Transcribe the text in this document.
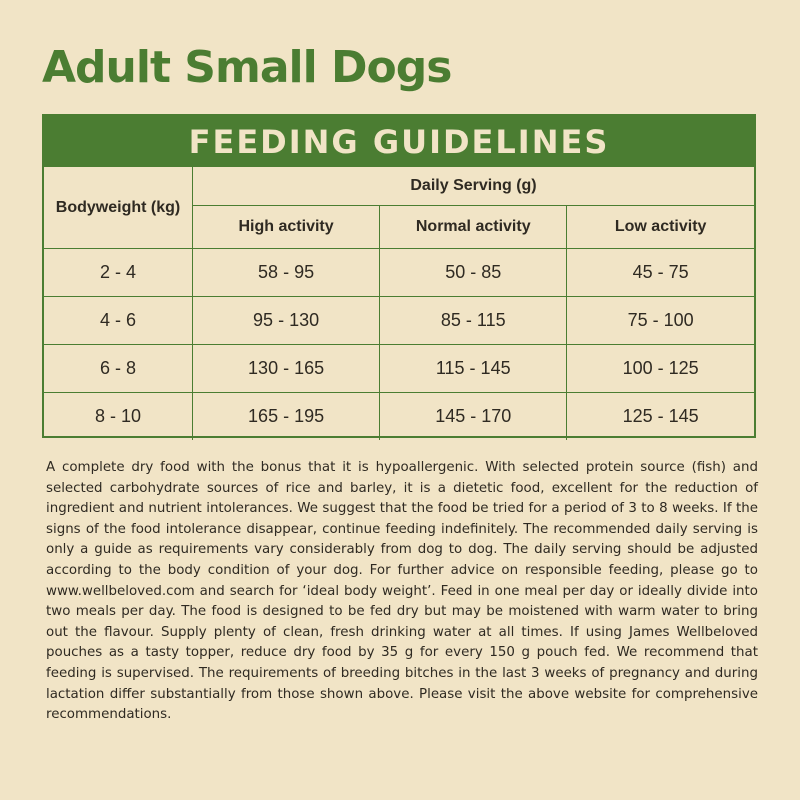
Adult Small Dogs
FEEDING GUIDELINES
Bodyweight (kg)	Daily Serving (g)		
	High activity	Normal activity	Low activity
2 - 4	58 - 95	50 - 85	45 - 75
4 - 6	95 - 130	85 - 115	75 - 100
6 - 8	130 - 165	115 - 145	100 - 125
8 - 10	165 - 195	145 - 170	125 - 145

A complete dry food with the bonus that it is hypoallergenic. With selected protein source (fish) and selected carbohydrate sources of rice and barley, it is a dietetic food, excellent for the reduction of ingredient and nutrient intolerances. We suggest that the food be tried for a period of 3 to 8 weeks. If the signs of the food intolerance disappear, continue feeding indefinitely. The recommended daily serving is only a guide as requirements vary considerably from dog to dog. The daily serving should be adjusted according to the body condition of your dog. For further advice on responsible feeding, please go to www.wellbeloved.com and search for ‘ideal body weight’. Feed in one meal per day or ideally divide into two meals per day. The food is designed to be fed dry but may be moistened with warm water to bring out the flavour. Supply plenty of clean, fresh drinking water at all times. If using James Wellbeloved pouches as a tasty topper, reduce dry food by 35 g for every 150 g pouch fed. We recommend that feeding is supervised. The requirements of breeding bitches in the last 3 weeks of pregnancy and during lactation differ substantially from those shown above. Please visit the above website for comprehensive recommendations.
